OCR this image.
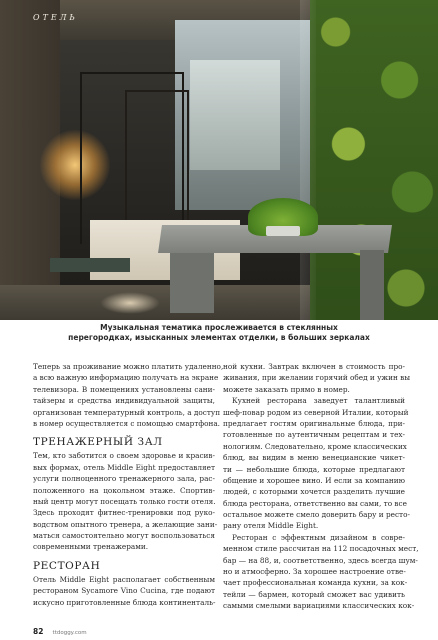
ОТЕЛЬ
Музыкальная тематика прослеживается в стеклянных
перегородках, изысканных элементах отделки, в больших зеркалах
Теперь за проживание можно платить удаленно,
а всю важную информацию получать на экране
телевизора. В помещениях установлены сани-
тайзеры и средства индивидуальной защиты,
организован температурный контроль, а доступ
в номер осуществляется с помощью смартфона.
ТРЕНАЖЕРНЫЙ ЗАЛ
Тем, кто заботится о своем здоровье и красив-
вых формах, отель Middle Eight предоставляет
услуги полноценного тренажерного зала, рас-
положенного на цокольном этаже. Спортив-
ный центр могут посещать только гости отеля.
Здесь проходят фитнес-тренировки под руко-
водством опытного тренера, а желающие зани-
маться самостоятельно могут воспользоваться
современными тренажерами.
РЕСТОРАН
Отель Middle Eight располагает собственным
рестораном Sycamore Vino Cucina, где подают
искусно приготовленные блюда континенталь-
ной кухни. Завтрак включен в стоимость про-
живания, при желании горячий обед и ужин вы
можете заказать прямо в номер.
Кухней ресторана заведует талантливый
шеф-повар родом из северной Италии, который
предлагает гостям оригинальные блюда, при-
готовленные по аутентичным рецептам и тех-
нологиям. Следовательно, кроме классических
блюд, вы видим в меню венецианские чикет-
ти — небольшие блюда, которые предлагают
общение и хорошее вино. И если за компанию
людей, с которыми хочется разделить лучшие
блюда ресторана, ответственно вы сами, то все
остальное можете смело доверить бару и ресто-
рану отеля Middle Eight.
Ресторан с эффектным дизайном в совре-
менном стиле рассчитан на 112 посадочных мест,
бар — на 88, и, соответственно, здесь всегда шум-
но и атмосферно. За хорошее настроение отве-
чает профессиональная команда кухни, за кок-
тейли — бармен, который сможет вас удивить
самыми смелыми вариациями классических кок-
82 ttdoggy.com
